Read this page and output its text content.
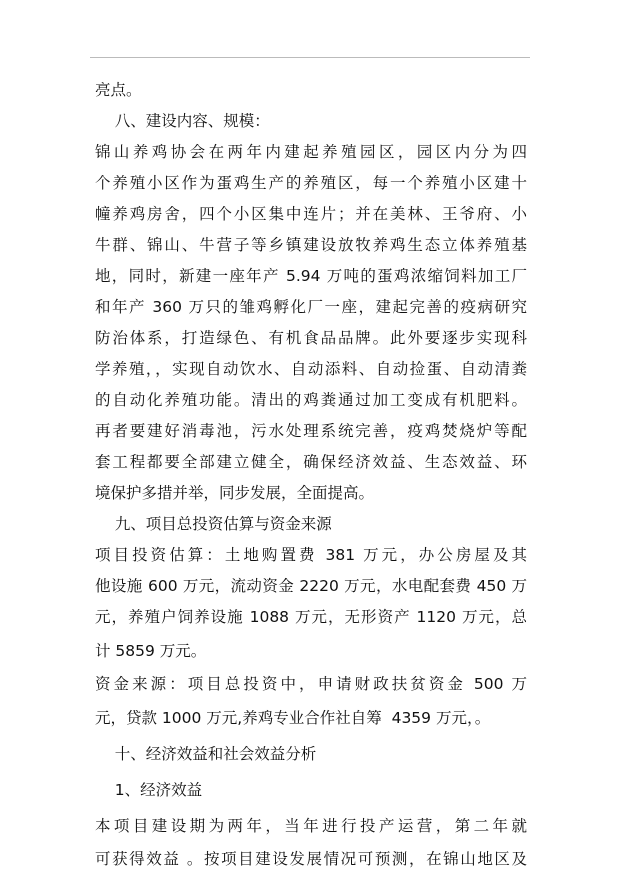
亮点。
八、建设内容、规模：
锦山养鸡协会在两年内建起养殖园区，园区内分为四
个养殖小区作为蛋鸡生产的养殖区，每一个养殖小区建十
幢养鸡房舍，四个小区集中连片；并在美林、王爷府、小
牛群、锦山、牛营子等乡镇建设放牧养鸡生态立体养殖基
地，同时，新建一座年产 5.94 万吨的蛋鸡浓缩饲料加工厂
和年产 360 万只的雏鸡孵化厂一座，建起完善的疫病研究
防治体系，打造绿色、有机食品品牌。此外要逐步实现科
学养殖，，实现自动饮水、自动添料、自动捡蛋、自动清粪
的自动化养殖功能。清出的鸡粪通过加工变成有机肥料。
再者要建好消毒池，污水处理系统完善，疫鸡焚烧炉等配
套工程都要全部建立健全，确保经济效益、生态效益、环
境保护多措并举，同步发展，全面提高。
九、项目总投资估算与资金来源
项目投资估算：土地购置费 381 万元，办公房屋及其
他设施 600 万元，流动资金 2220 万元，水电配套费 450 万
元，养殖户饲养设施 1088 万元，无形资产 1120 万元，总
计 5859 万元。
资金来源：项目总投资中，申请财政扶贫资金 500 万
元，贷款 1000 万元,养鸡专业合作社自筹  4359 万元，。
十、经济效益和社会效益分析
1、经济效益
本项目建设期为两年，当年进行投产运营，第二年就
可获得效益 。按项目建设发展情况可预测，在锦山地区及
